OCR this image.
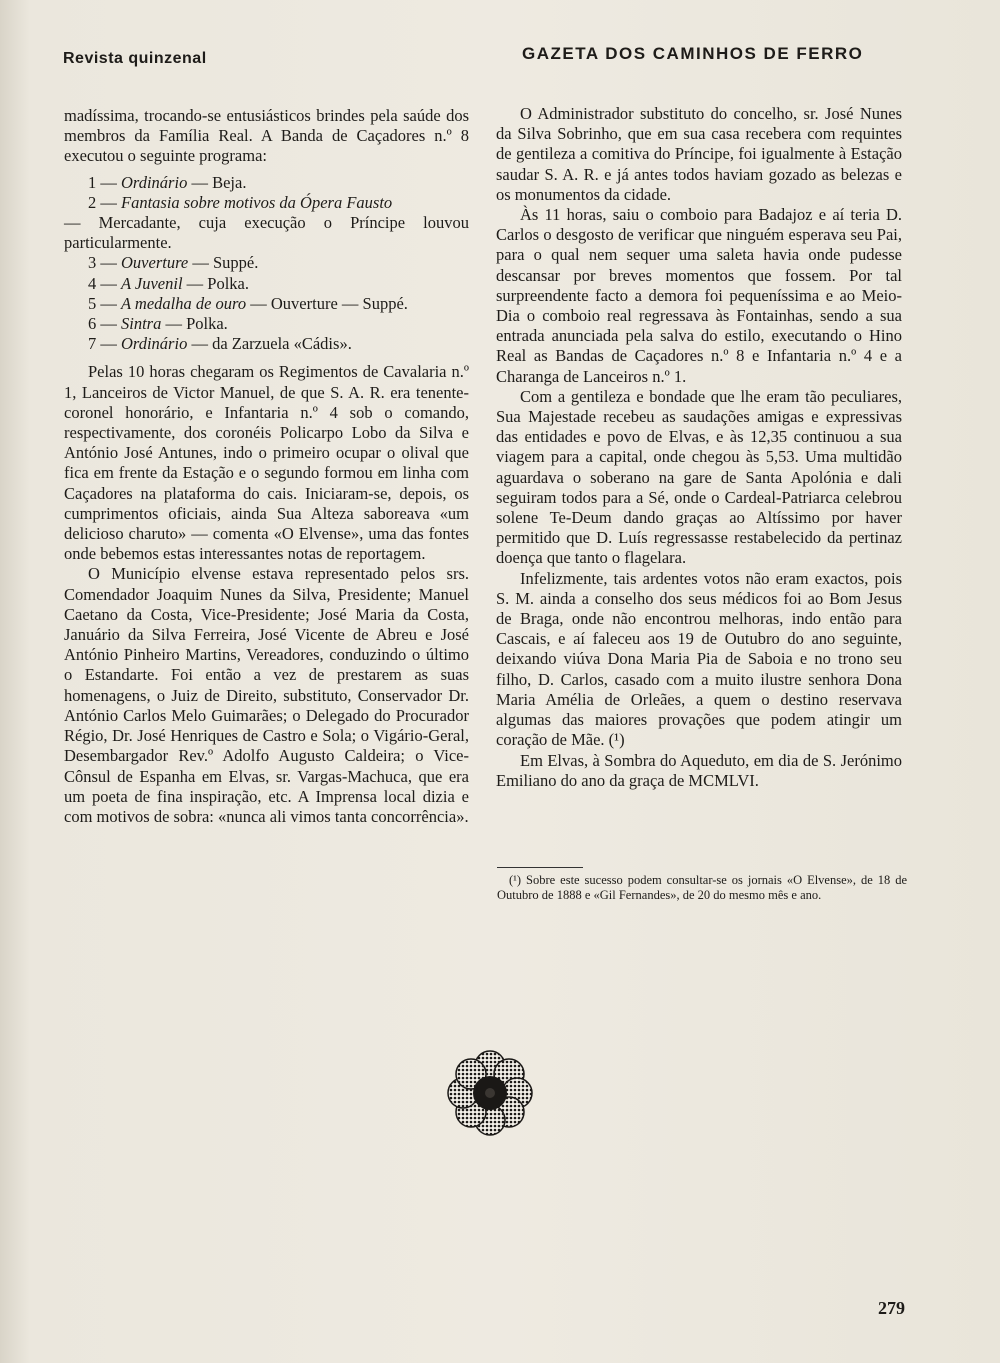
Revista quinzenal	GAZETA DOS CAMINHOS DE FERRO

madíssima, trocando-se entusiásticos brindes pela saúde dos membros da Família Real. A Banda de Caçadores n.º 8 executou o seguinte programa:

1 — Ordinário — Beja.
2 — Fantasia sobre motivos da Ópera Fausto
— Mercadante, cuja execução o Príncipe louvou particularmente.
3 — Ouverture — Suppé.
4 — A Juvenil — Polka.
5 — A medalha de ouro — Ouverture — Suppé.
6 — Sintra — Polka.
7 — Ordinário — da Zarzuela «Cádis».

Pelas 10 horas chegaram os Regimentos de Cavalaria n.º 1, Lanceiros de Victor Manuel, de que S. A. R. era tenente-coronel honorário, e Infantaria n.º 4 sob o comando, respectivamente, dos coronéis Policarpo Lobo da Silva e António José Antunes, indo o primeiro ocupar o olival que fica em frente da Estação e o segundo formou em linha com Caçadores na plataforma do cais. Iniciaram-se, depois, os cumprimentos oficiais, ainda Sua Alteza saboreava «um delicioso charuto» — comenta «O Elvense», uma das fontes onde bebemos estas interessantes notas de reportagem.

O Município elvense estava representado pelos srs. Comendador Joaquim Nunes da Silva, Presidente; Manuel Caetano da Costa, Vice-Presidente; José Maria da Costa, Januário da Silva Ferreira, José Vicente de Abreu e José António Pinheiro Martins, Vereadores, conduzindo o último o Estandarte. Foi então a vez de prestarem as suas homenagens, o Juiz de Direito, substituto, Conservador Dr. António Carlos Melo Guimarães; o Delegado do Procurador Régio, Dr. José Henriques de Castro e Sola; o Vigário-Geral, Desembargador Rev.º Adolfo Augusto Caldeira; o Vice-Cônsul de Espanha em Elvas, sr. Vargas-Machuca, que era um poeta de fina inspiração, etc. A Imprensa local dizia e com motivos de sobra: «nunca ali vimos tanta concorrência».

O Administrador substituto do concelho, sr. José Nunes da Silva Sobrinho, que em sua casa recebera com requintes de gentileza a comitiva do Príncipe, foi igualmente à Estação saudar S. A. R. e já antes todos haviam gozado as belezas e os monumentos da cidade.

Às 11 horas, saiu o comboio para Badajoz e aí teria D. Carlos o desgosto de verificar que ninguém esperava seu Pai, para o qual nem sequer uma saleta havia onde pudesse descansar por breves momentos que fossem. Por tal surpreendente facto a demora foi pequeníssima e ao Meio-Dia o comboio real regressava às Fontainhas, sendo a sua entrada anunciada pela salva do estilo, executando o Hino Real as Bandas de Caçadores n.º 8 e Infantaria n.º 4 e a Charanga de Lanceiros n.º 1.

Com a gentileza e bondade que lhe eram tão peculiares, Sua Majestade recebeu as saudações amigas e expressivas das entidades e povo de Elvas, e às 12,35 continuou a sua viagem para a capital, onde chegou às 5,53. Uma multidão aguardava o soberano na gare de Santa Apolónia e dali seguiram todos para a Sé, onde o Cardeal-Patriarca celebrou solene Te-Deum dando graças ao Altíssimo por haver permitido que D. Luís regressasse restabelecido da pertinaz doença que tanto o flagelara.

Infelizmente, tais ardentes votos não eram exactos, pois S. M. ainda a conselho dos seus médicos foi ao Bom Jesus de Braga, onde não encontrou melhoras, indo então para Cascais, e aí faleceu aos 19 de Outubro do ano seguinte, deixando viúva Dona Maria Pia de Saboia e no trono seu filho, D. Carlos, casado com a muito ilustre senhora Dona Maria Amélia de Orleães, a quem o destino reservava algumas das maiores provações que podem atingir um coração de Mãe. (¹)

Em Elvas, à Sombra do Aqueduto, em dia de S. Jerónimo Emiliano do ano da graça de MCMLVI.

(¹) Sobre este sucesso podem consultar-se os jornais «O Elvense», de 18 de Outubro de 1888 e «Gil Fernandes», de 20 do mesmo mês e ano.
279
